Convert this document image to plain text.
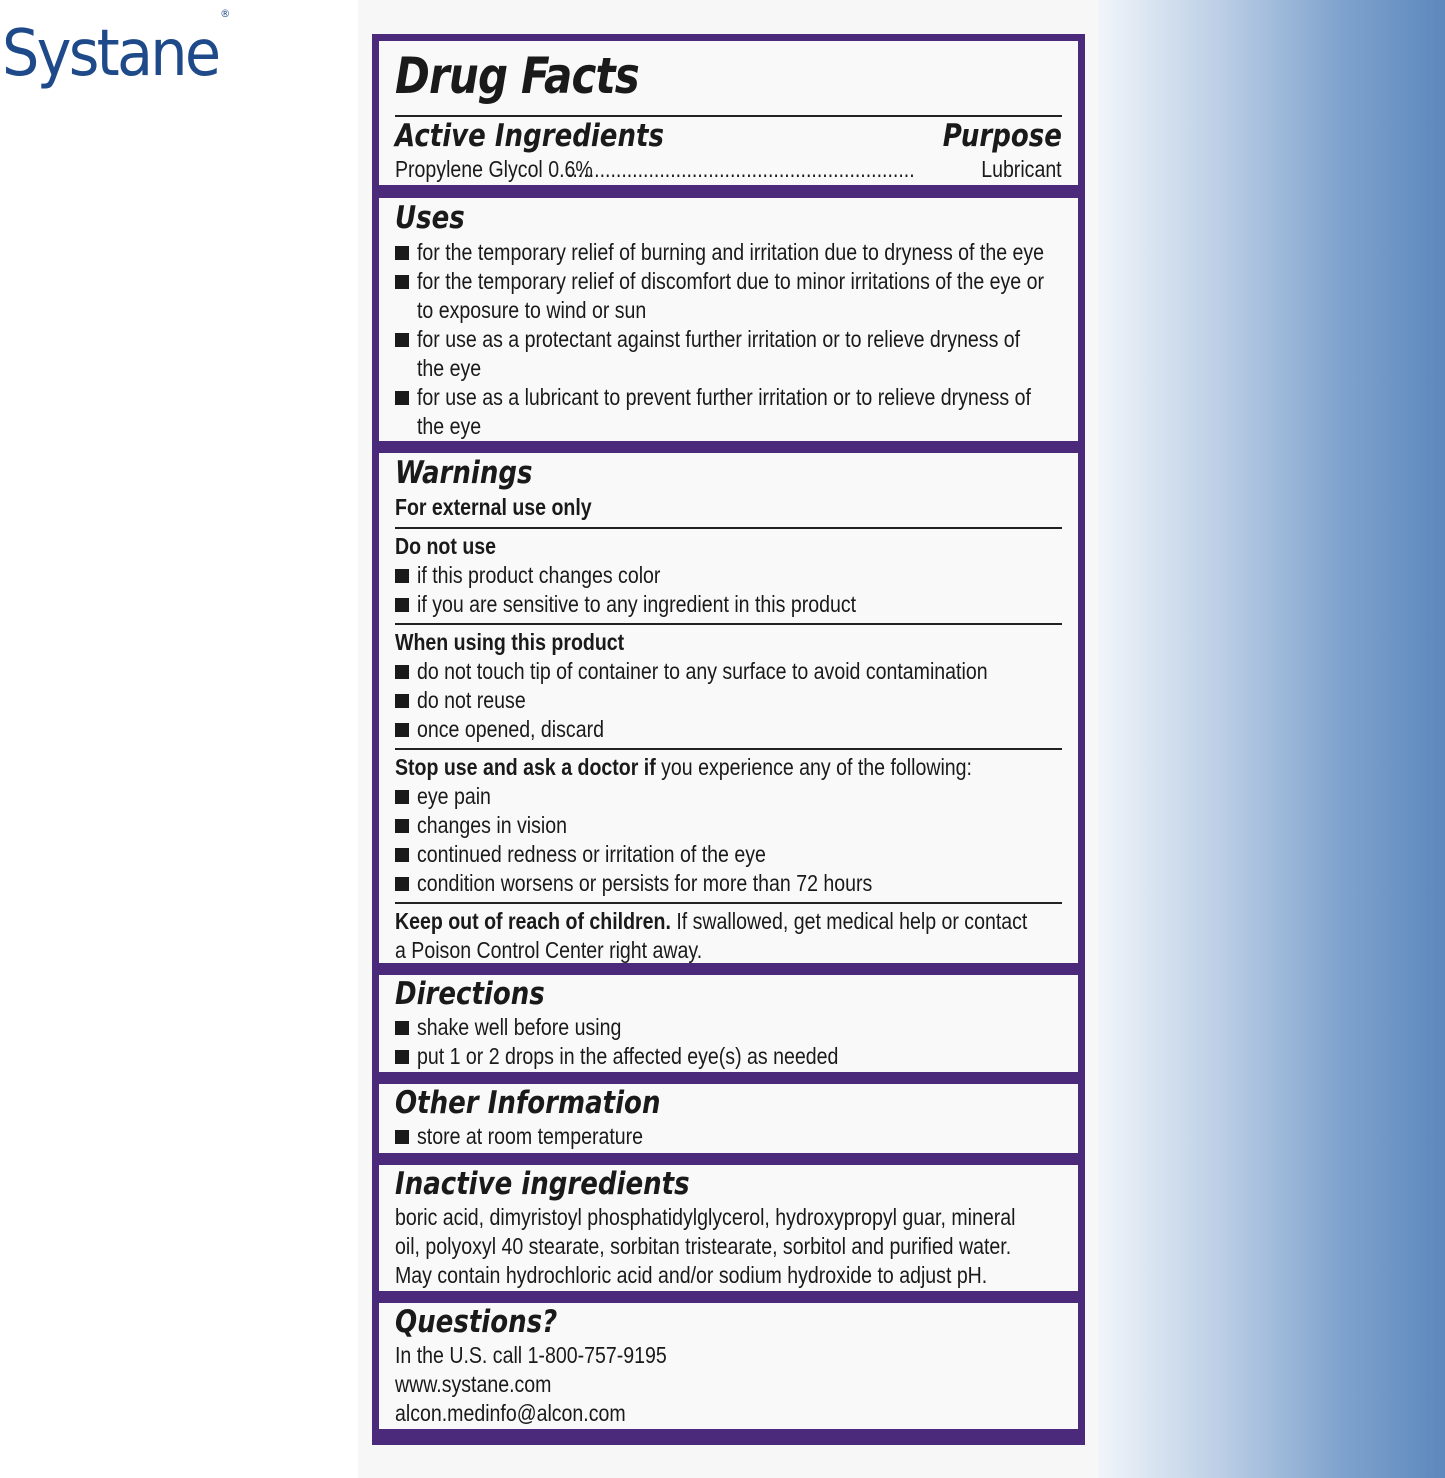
Systane®
Drug Facts
Active Ingredients	Purpose
Propylene Glycol 0.6%
................................................................	Lubricant
Uses
for the temporary relief of burning and irritation due to dryness of the eye
for the temporary relief of discomfort due to minor irritations of the eye or
to exposure to wind or sun
for use as a protectant against further irritation or to relieve dryness of
the eye
for use as a lubricant to prevent further irritation or to relieve dryness of
the eye
Warnings
For external use only
Do not use
if this product changes color
if you are sensitive to any ingredient in this product
When using this product
do not touch tip of container to any surface to avoid contamination
do not reuse
once opened, discard
Stop use and ask a doctor if you experience any of the following:
eye pain
changes in vision
continued redness or irritation of the eye
condition worsens or persists for more than 72 hours
Keep out of reach of children. If swallowed, get medical help or contact
a Poison Control Center right away.
Directions
shake well before using
put 1 or 2 drops in the affected eye(s) as needed
Other Information
store at room temperature
Inactive ingredients
boric acid, dimyristoyl phosphatidylglycerol, hydroxypropyl guar, mineral
oil, polyoxyl 40 stearate, sorbitan tristearate, sorbitol and purified water.
May contain hydrochloric acid and/or sodium hydroxide to adjust pH.
Questions?
In the U.S. call 1-800-757-9195
www.systane.com
alcon.medinfo@alcon.com
